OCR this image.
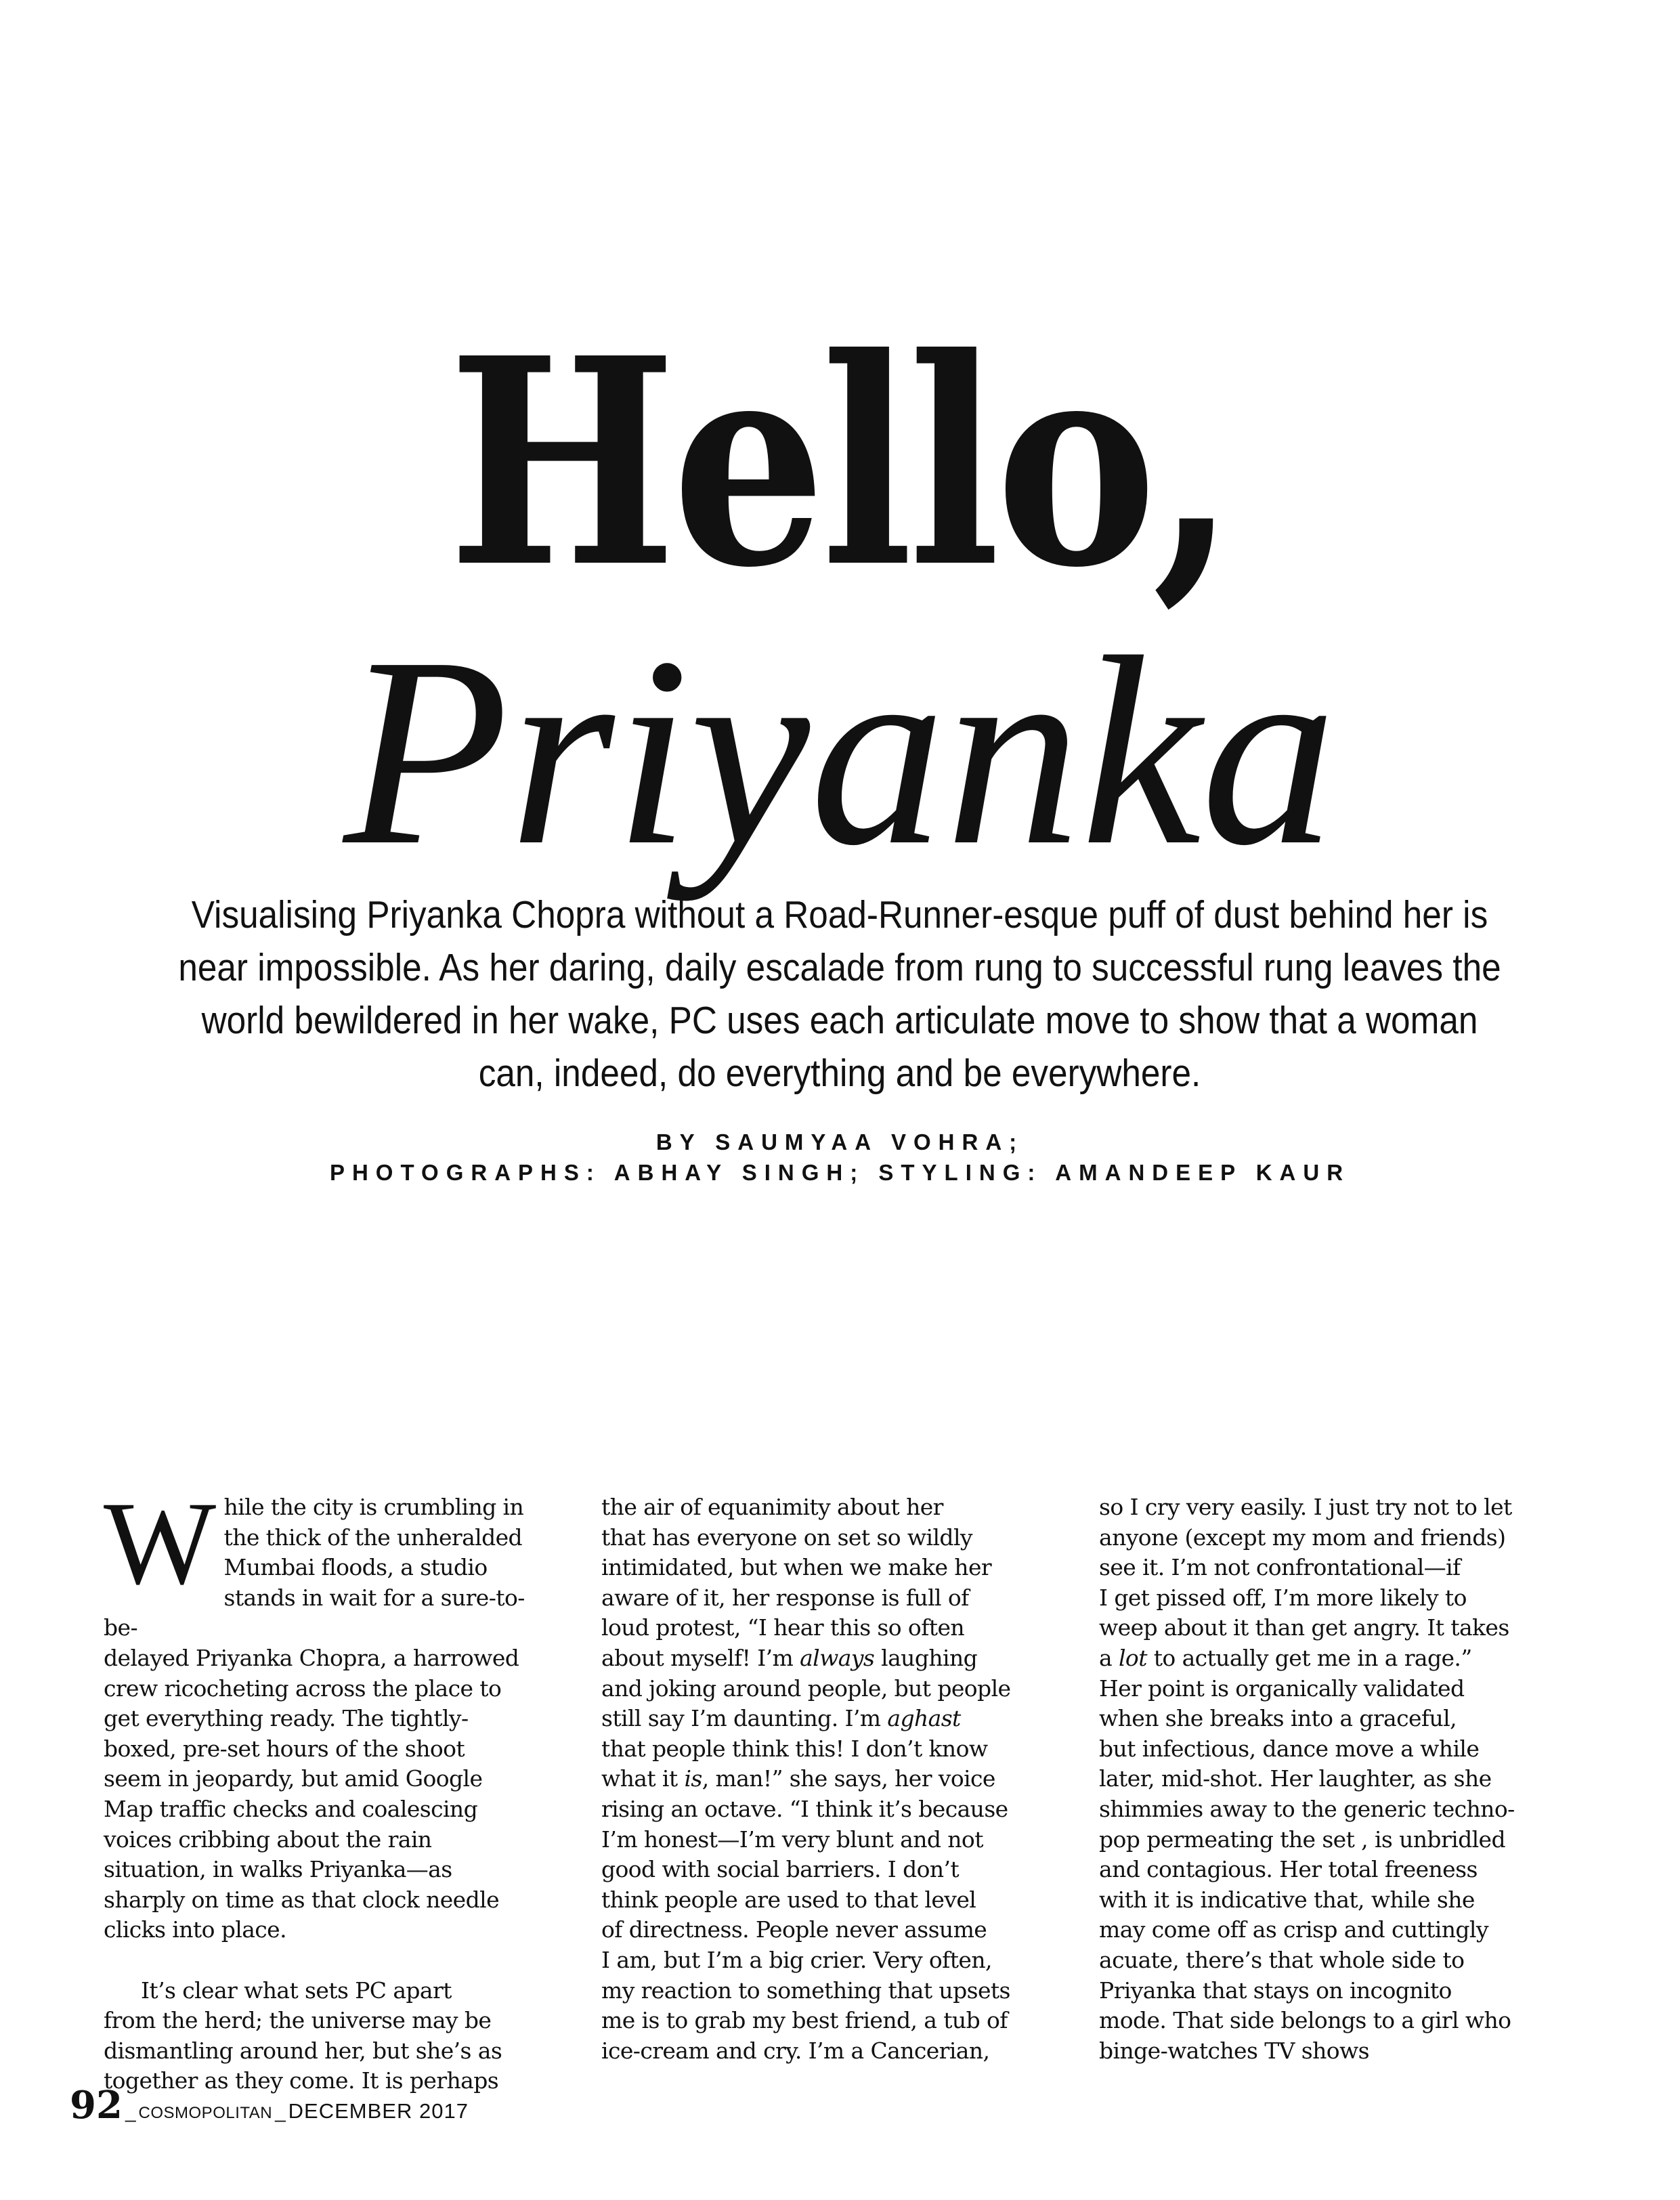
Hello,
Priyanka
Visualising Priyanka Chopra without a Road-Runner-esque puff of dust behind her is near impossible. As her daring, daily escalade from rung to successful rung leaves the world bewildered in her wake, PC uses each articulate move to show that a woman can, indeed, do everything and be everywhere.
BY SAUMYAA VOHRA;
PHOTOGRAPHS: ABHAY SINGH; STYLING: AMANDEEP KAUR

While the city is crumbling in
the thick of the unheralded
Mumbai floods, a studio
stands in wait for a sure-to-be-
delayed Priyanka Chopra, a harrowed
crew ricocheting across the place to
get everything ready. The tightly-
boxed, pre-set hours of the shoot
seem in jeopardy, but amid Google
Map traffic checks and coalescing
voices cribbing about the rain
situation, in walks Priyanka—as
sharply on time as that clock needle
clicks into place.

It’s clear what sets PC apart
from the herd; the universe may be
dismantling around her, but she’s as
together as they come. It is perhaps

the air of equanimity about her
that has everyone on set so wildly
intimidated, but when we make her
aware of it, her response is full of
loud protest, “I hear this so often
about myself! I’m always laughing
and joking around people, but people
still say I’m daunting. I’m aghast
that people think this! I don’t know
what it is, man!” she says, her voice
rising an octave. “I think it’s because
I’m honest—I’m very blunt and not
good with social barriers. I don’t
think people are used to that level
of directness. People never assume
I am, but I’m a big crier. Very often,
my reaction to something that upsets
me is to grab my best friend, a tub of
ice-cream and cry. I’m a Cancerian,

so I cry very easily. I just try not to let
anyone (except my mom and friends)
see it. I’m not confrontational—if
I get pissed off, I’m more likely to
weep about it than get angry. It takes
a lot to actually get me in a rage.”
Her point is organically validated
when she breaks into a graceful,
but infectious, dance move a while
later, mid-shot. Her laughter, as she
shimmies away to the generic techno-
pop permeating the set , is unbridled
and contagious. Her total freeness
with it is indicative that, while she
may come off as crisp and cuttingly
acuate, there’s that whole side to
Priyanka that stays on incognito
mode. That side belongs to a girl who
binge-watches TV shows

92 _ COSMOPOLITAN _ DECEMBER 2017
